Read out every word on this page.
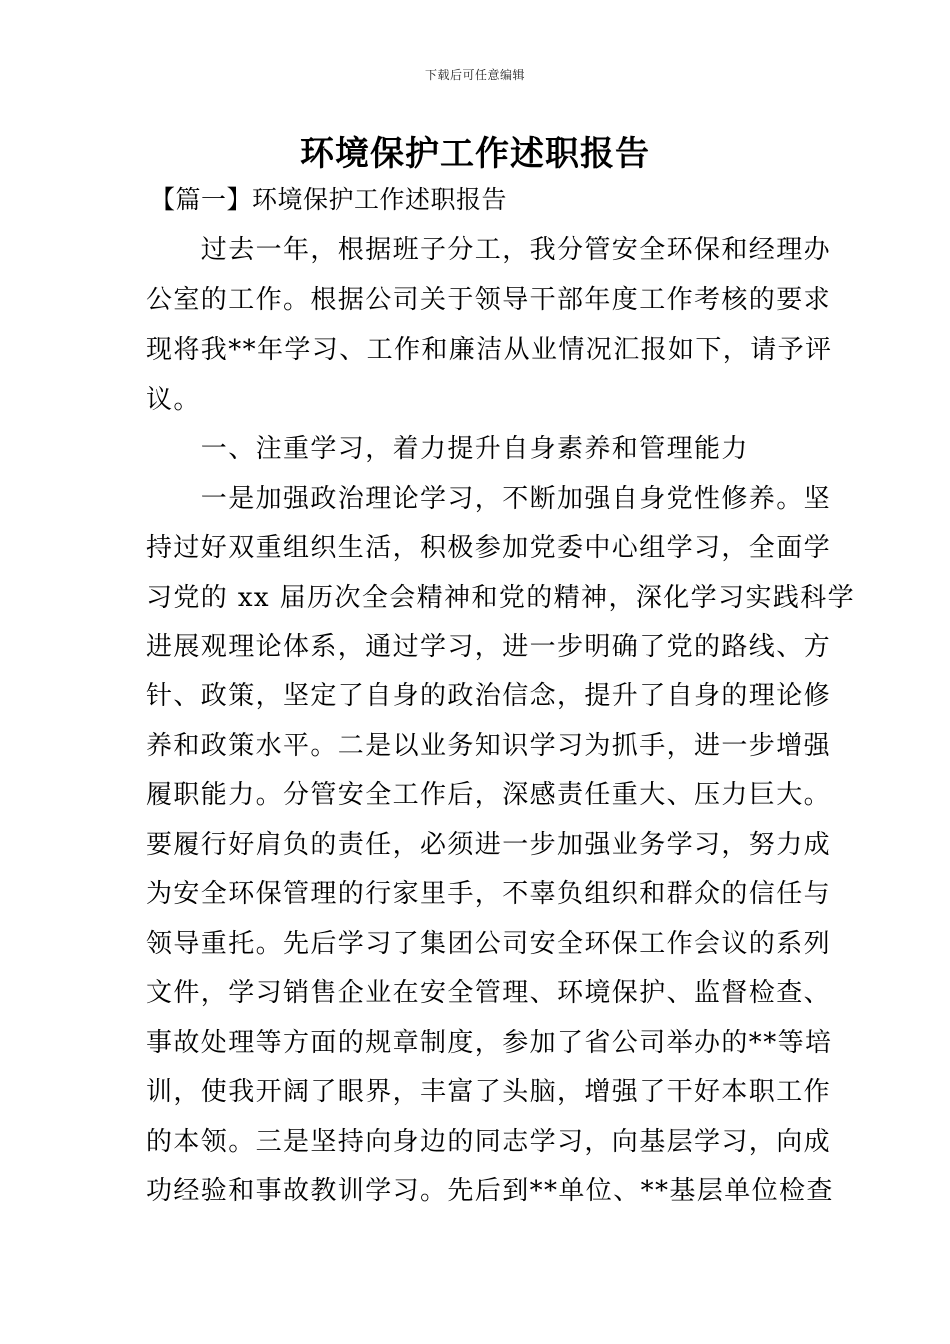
下载后可任意编辑
环境保护工作述职报告
【篇一】环境保护工作述职报告
　　过去一年，根据班子分工，我分管安全环保和经理办
公室的工作。根据公司关于领导干部年度工作考核的要求
现将我**年学习、工作和廉洁从业情况汇报如下，请予评
议。
　　一、注重学习，着力提升自身素养和管理能力
　　一是加强政治理论学习，不断加强自身党性修养。坚
持过好双重组织生活，积极参加党委中心组学习，全面学
习党的 xx 届历次全会精神和党的精神，深化学习实践科学
进展观理论体系，通过学习，进一步明确了党的路线、方
针、政策，坚定了自身的政治信念，提升了自身的理论修
养和政策水平。二是以业务知识学习为抓手，进一步增强
履职能力。分管安全工作后，深感责任重大、压力巨大。
要履行好肩负的责任，必须进一步加强业务学习，努力成
为安全环保管理的行家里手，不辜负组织和群众的信任与
领导重托。先后学习了集团公司安全环保工作会议的系列
文件，学习销售企业在安全管理、环境保护、监督检查、
事故处理等方面的规章制度，参加了省公司举办的**等培
训，使我开阔了眼界，丰富了头脑，增强了干好本职工作
的本领。三是坚持向身边的同志学习，向基层学习，向成
功经验和事故教训学习。先后到**单位、**基层单位检查
